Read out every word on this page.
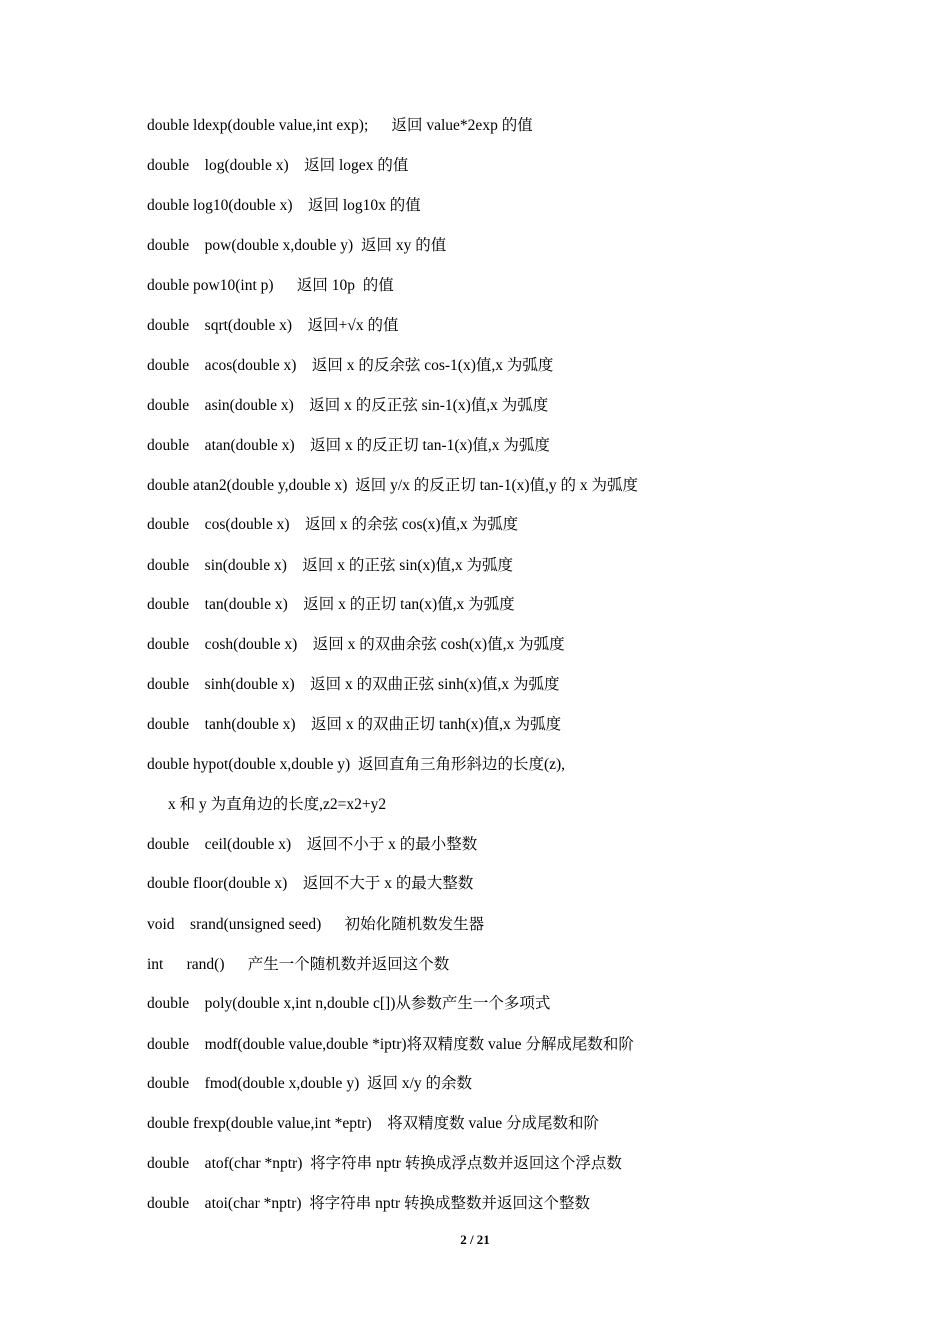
double ldexp(double value,int exp);      返回 value*2exp 的值
double    log(double x)    返回 logex 的值
double log10(double x)    返回 log10x 的值
double    pow(double x,double y)  返回 xy 的值
double pow10(int p)      返回 10p  的值
double    sqrt(double x)    返回+√x 的值
double    acos(double x)    返回 x 的反余弦 cos-1(x)值,x 为弧度
double    asin(double x)    返回 x 的反正弦 sin-1(x)值,x 为弧度
double    atan(double x)    返回 x 的反正切 tan-1(x)值,x 为弧度
double atan2(double y,double x)  返回 y/x 的反正切 tan-1(x)值,y 的 x 为弧度
double    cos(double x)    返回 x 的余弦 cos(x)值,x 为弧度
double    sin(double x)    返回 x 的正弦 sin(x)值,x 为弧度
double    tan(double x)    返回 x 的正切 tan(x)值,x 为弧度
double    cosh(double x)    返回 x 的双曲余弦 cosh(x)值,x 为弧度
double    sinh(double x)    返回 x 的双曲正弦 sinh(x)值,x 为弧度
double    tanh(double x)    返回 x 的双曲正切 tanh(x)值,x 为弧度
double hypot(double x,double y)  返回直角三角形斜边的长度(z),
x 和 y 为直角边的长度,z2=x2+y2
double    ceil(double x)    返回不小于 x 的最小整数
double floor(double x)    返回不大于 x 的最大整数
void    srand(unsigned seed)      初始化随机数发生器
int      rand()      产生一个随机数并返回这个数
double    poly(double x,int n,double c[])从参数产生一个多项式
double    modf(double value,double *iptr)将双精度数 value 分解成尾数和阶
double    fmod(double x,double y)  返回 x/y 的余数
double frexp(double value,int *eptr)    将双精度数 value 分成尾数和阶
double    atof(char *nptr)  将字符串 nptr 转换成浮点数并返回这个浮点数
double    atoi(char *nptr)  将字符串 nptr 转换成整数并返回这个整数
2 / 21
